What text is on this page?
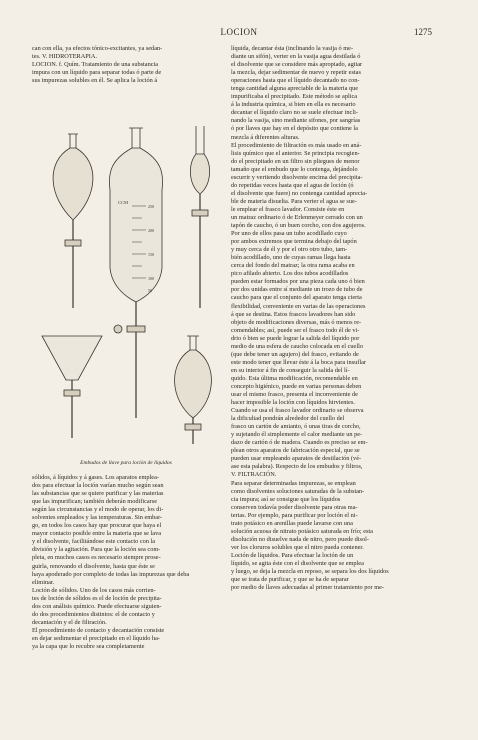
LOCION	1275

can con ella, ya efectos tónico-excitantes, ya sedan-

tes. V. HIDROTERAPIA.

LOCION. f. Quím. Tratamiento de una substancia

impura con un líquido para separar todas ó parte de

sus impurezas solubles en él. Se aplica la loción á

CCM
250
200
150
100
50
Embudos de llave para loción de líquidos

sólidos, á líquidos y á gases. Los aparatos emplea-

dos para efectuar la loción varían mucho según sean

las substancias que se quiere purificar y las materias

que las impurifican; también deberán modificarse

según las circunstancias y el modo de operar, los di-

solventes empleados y las temperaturas. Sin embar-

go, en todos los casos hay que procurar que haya el

mayor contacto posible entre la materia que se lava

y el disolvente, facilitándose este contacto con la

división y la agitación. Para que la loción sea com-

pleta, en muchos casos es necesario siempre prose-

guirla, renovando el disolvente, hasta que éste se

haya apoderado por completo de todas las impurezas que deba

eliminar.

Loción de sólidos. Uno de los casos más corrien-

tes de loción de sólidos es el de loción de precipita-

dos con análisis químico. Puede efectuarse siguien-

do dos procedimientos distintos: el de contacto y

decantación y el de filtración.

El procedimiento de contacto y decantación consiste

en dejar sedimentar el precipitado en el líquido ha-

ya la capa que lo recubre sea completamente

líquida, decantar ésta (inclinando la vasija ó me-

diante un sifón), verter en la vasija agua destilada ó

el disolvente que se considere más apropiado, agitar

la mezcla, dejar sedimentar de nuevo y repetir estas

operaciones hasta que el líquido decantado no con-

tenga cantidad alguna apreciable de la materia que

impurificaba el precipitado. Este método se aplica

á la industria química, si bien en ella es necesario

decantar el líquido claro no se suele efectuar incli-

nando la vasija, sino mediante sifones, por sangrías

ó por llaves que hay en el depósito que contiene la

mezcla á diferentes alturas.

El procedimiento de filtración es más usado en aná-

lisis químico que el anterior. Se principia recogien-

do el precipitado en un filtro sin pliegues de menor

tamaño que el embudo que lo contenga, dejándolo

escurrir y vertiendo disolvente encima del precipita-

do repetidas veces hasta que el agua de loción (ó

el disolvente que fuere) no contenga cantidad aprecia-

ble de materia disuelta. Para verter el agua se sue-

le emplear el frasco lavador. Consiste éste en

un matraz ordinario ó de Erlenmeyer cerrado con un

tapón de caucho, ó un buen corcho, con dos agujeros.

Por uno de ellos pasa un tubo acodillado cuyo

por ambos extremos que termina debajo del tapón

y muy cerca de él y por el otro otro tubo, tam-

bién acodillado, uno de cuyas ramas llega hasta

cerca del fondo del matraz; la otra rama acaba en

pico afilado abierto. Los dos tubos acodillados

pueden estar formados por una pieza cada uno ó bien

por dos unidas entre sí mediante un trozo de tubo de

caucho para que el conjunto del aparato tenga cierta

flexibilidad, conveniente en varias de las operaciones

á que se destina. Estos frascos lavadores han sido

objeto de modificaciones diversas, más ó menos re-

comendables; así, puede ser el frasco todo él de vi-

drio ó bien se puede lograr la salida del líquido por

medio de una esfera de caucho colocada en el cuello

(que debe tener un agujero) del frasco, evitando de

este modo tener que llevar éste á la boca para insuflar

en su interior á fin de conseguir la salida del lí-

quido. Esta última modificación, recomendable en

concepto higiénico, puede en varias personas deben

usar el mismo frasco, presenta el inconveniente de

hacer imposible la loción con líquidos hirvientes.

Cuando se usa el frasco lavador ordinario se observa

la dificultad pondrán alrededor del cuello del

frasco un cartón de amianto, ó unas tiras de corcho,

y sujetando él simplemente el calor mediante un pe-

dazo de cartón ó de madera. Cuando es preciso se em-

plean otros aparatos de fabricación especial, que se

pueden usar empleando aparatos de destilación (vé-

ase esta palabra). Respecto de los embudos y filtros,

V. FILTRACIÓN.

Para separar determinadas impurezas, se emplean

como disolventes soluciones saturadas de la substan-

cia impura; así se consigue que los líquidos

conserven todavía poder disolvente para otras ma-

terias. Por ejemplo, para purificar por loción el ni-

trato potásico en arenillas puede lavarse con una

solución acuosa de nitrato potásico saturada en frío; esta

disolución no disuelve nada de nitro, pero puede disol-

ver los cloruros solubles que el nitro pueda contener.

Loción de líquidos. Para efectuar la loción de un

líquido, se agita éste con el disolvente que se emplea

y luego, se deja la mezcla en reposo, se separa los dos líquidos

que se trata de purificar, y que se ha de separar

por medio de llaves adecuadas al primer tratamiento por me-
